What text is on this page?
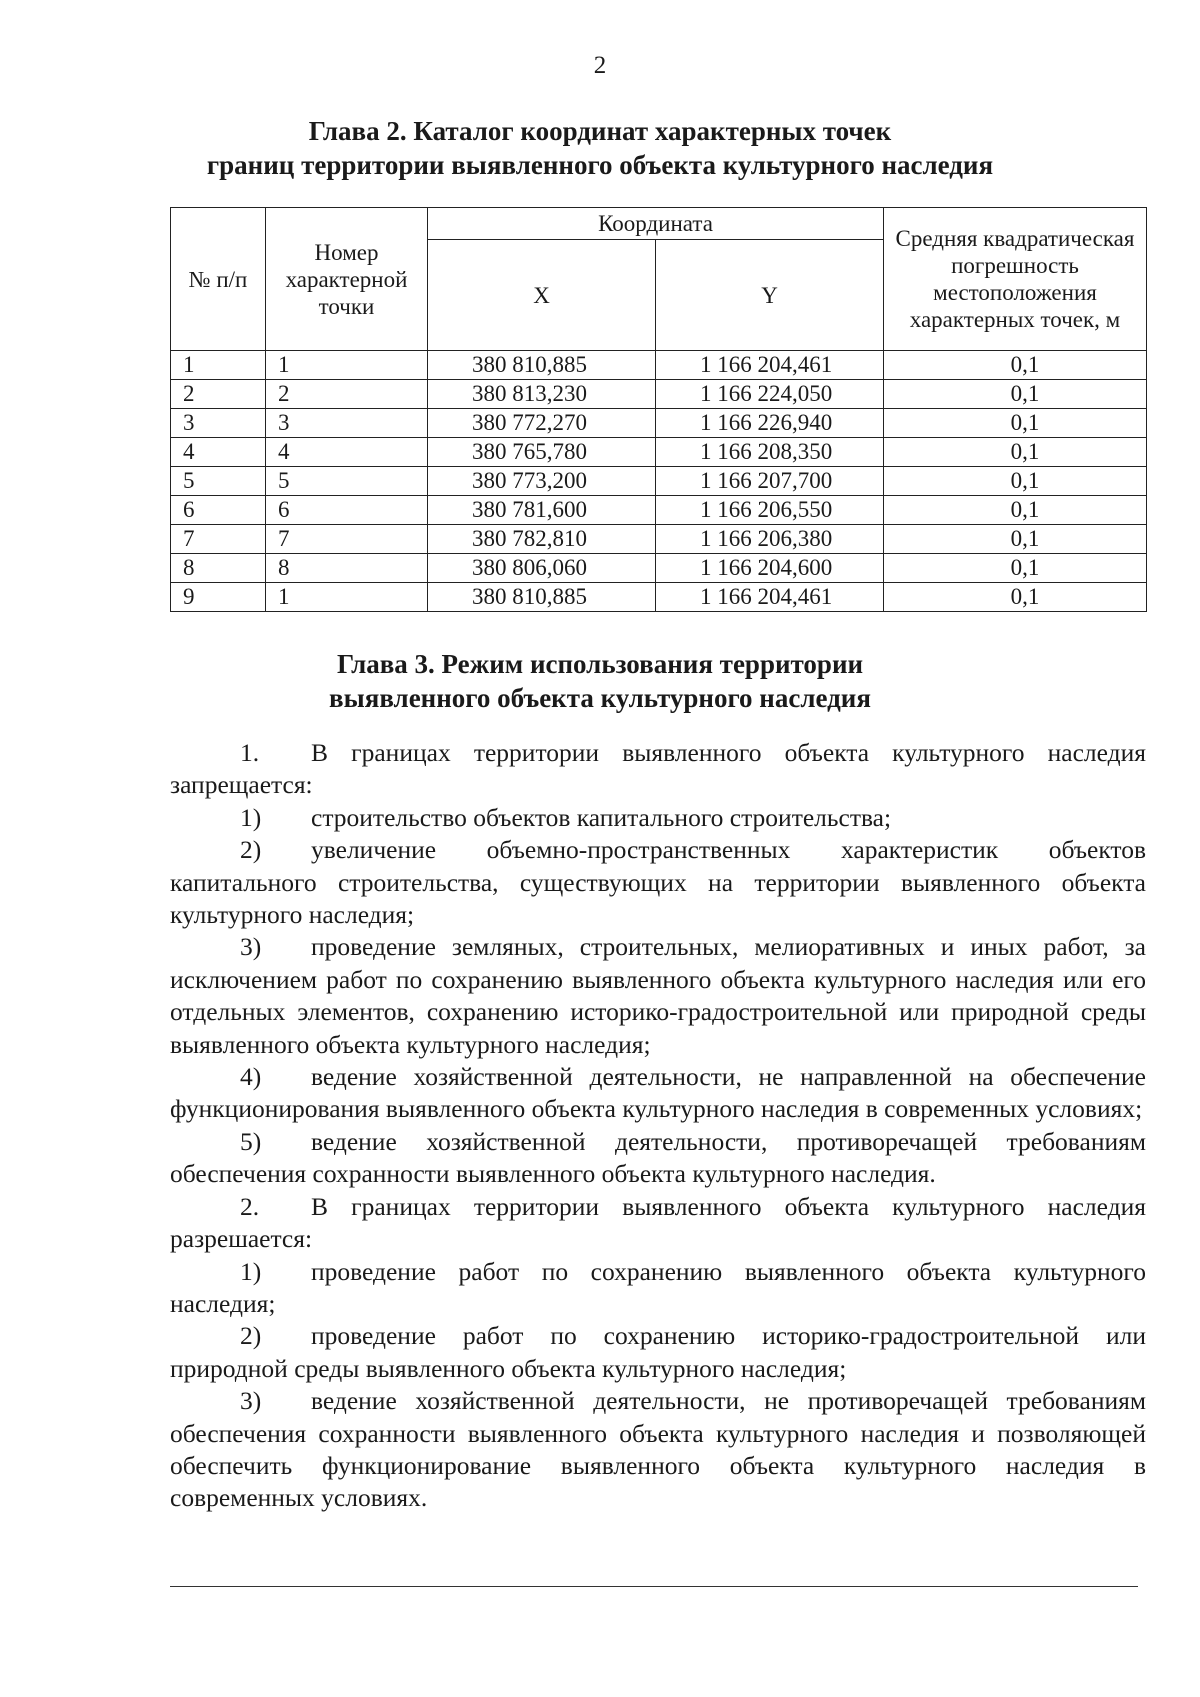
2
Глава 2. Каталог координат характерных точек
границ территории выявленного объекта культурного наследия
№ п/п	Номер характерной точки	Координата		Средняя квадратическая погрешность местоположения характерных точек, м
		X	Y	
1	1	380 810,885	1 166 204,461	0,1
2	2	380 813,230	1 166 224,050	0,1
3	3	380 772,270	1 166 226,940	0,1
4	4	380 765,780	1 166 208,350	0,1
5	5	380 773,200	1 166 207,700	0,1
6	6	380 781,600	1 166 206,550	0,1
7	7	380 782,810	1 166 206,380	0,1
8	8	380 806,060	1 166 204,600	0,1
9	1	380 810,885	1 166 204,461	0,1
Глава 3. Режим использования территории
выявленного объекта культурного наследия

1. В границах территории выявленного объекта культурного наследия запрещается:

1) строительство объектов капитального строительства;

2) увеличение объемно-пространственных характеристик объектов капитального строительства, существующих на территории выявленного объекта культурного наследия;

3) проведение земляных, строительных, мелиоративных и иных работ, за исключением работ по сохранению выявленного объекта культурного наследия или его отдельных элементов, сохранению историко-градостроительной или природной среды выявленного объекта культурного наследия;

4) ведение хозяйственной деятельности, не направленной на обеспечение функционирования выявленного объекта культурного наследия в современных условиях;

5) ведение хозяйственной деятельности, противоречащей требованиям обеспечения сохранности выявленного объекта культурного наследия.

2. В границах территории выявленного объекта культурного наследия разрешается:

1) проведение работ по сохранению выявленного объекта культурного наследия;

2) проведение работ по сохранению историко-градостроительной или природной среды выявленного объекта культурного наследия;

3) ведение хозяйственной деятельности, не противоречащей требованиям обеспечения сохранности выявленного объекта культурного наследия и позволяющей обеспечить функционирование выявленного объекта культурного наследия в современных условиях.
